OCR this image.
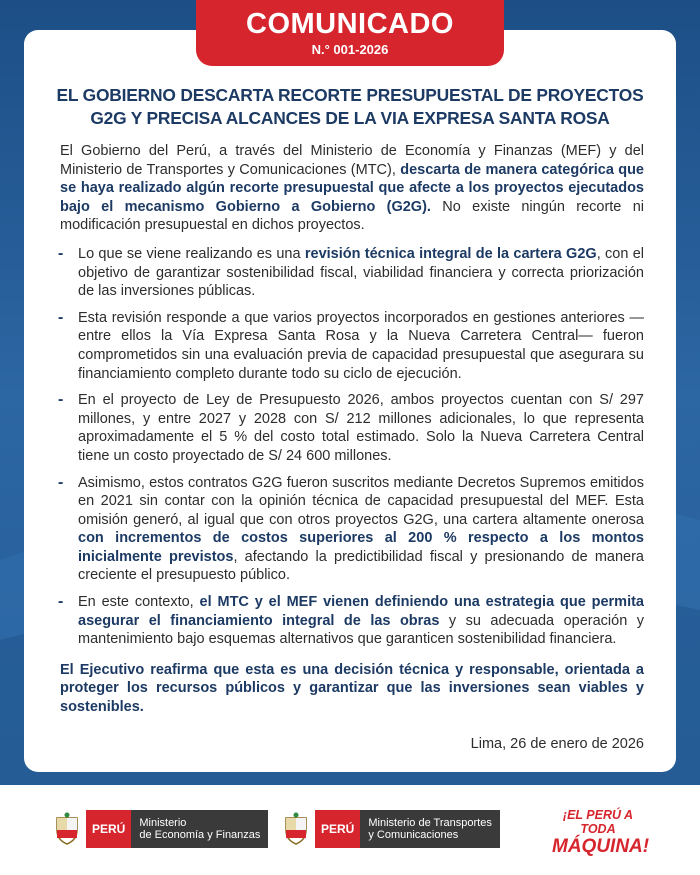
COMUNICADO
N.° 001-2026
EL GOBIERNO DESCARTA RECORTE PRESUPUESTAL DE PROYECTOS
G2G Y PRECISA ALCANCES DE LA VIA EXPRESA SANTA ROSA

El Gobierno del Perú, a través del Ministerio de Economía y Finanzas (MEF) y del Ministerio de Transportes y Comunicaciones (MTC), descarta de manera categórica que se haya realizado algún recorte presupuestal que afecte a los proyectos ejecutados bajo el mecanismo Gobierno a Gobierno (G2G). No existe ningún recorte ni modificación presupuestal en dichos proyectos.

- Lo que se viene realizando es una revisión técnica integral de la cartera G2G, con el objetivo de garantizar sostenibilidad fiscal, viabilidad financiera y correcta priorización de las inversiones públicas.
- Esta revisión responde a que varios proyectos incorporados en gestiones anteriores —entre ellos la Vía Expresa Santa Rosa y la Nueva Carretera Central— fueron comprometidos sin una evaluación previa de capacidad presupuestal que asegurara su financiamiento completo durante todo su ciclo de ejecución.
- En el proyecto de Ley de Presupuesto 2026, ambos proyectos cuentan con S/ 297 millones, y entre 2027 y 2028 con S/ 212 millones adicionales, lo que representa aproximadamente el 5 % del costo total estimado. Solo la Nueva Carretera Central tiene un costo proyectado de S/ 24 600 millones.
- Asimismo, estos contratos G2G fueron suscritos mediante Decretos Supremos emitidos en 2021 sin contar con la opinión técnica de capacidad presupuestal del MEF. Esta omisión generó, al igual que con otros proyectos G2G, una cartera altamente onerosa con incrementos de costos superiores al 200 % respecto a los montos inicialmente previstos, afectando la predictibilidad fiscal y presionando de manera creciente el presupuesto público.
- En este contexto, el MTC y el MEF vienen definiendo una estrategia que permita asegurar el financiamiento integral de las obras y su adecuada operación y mantenimiento bajo esquemas alternativos que garanticen sostenibilidad financiera.
El Ejecutivo reafirma que esta es una decisión técnica y responsable, orientada a proteger los recursos públicos y garantizar que las inversiones sean viables y sostenibles.
Lima, 26 de enero de 2026
PERÚ	Ministerio
de Economía y Finanzas	PERÚ	Ministerio de Transportes
y Comunicaciones
¡EL PERÚ A TODA
MÁQUINA!
